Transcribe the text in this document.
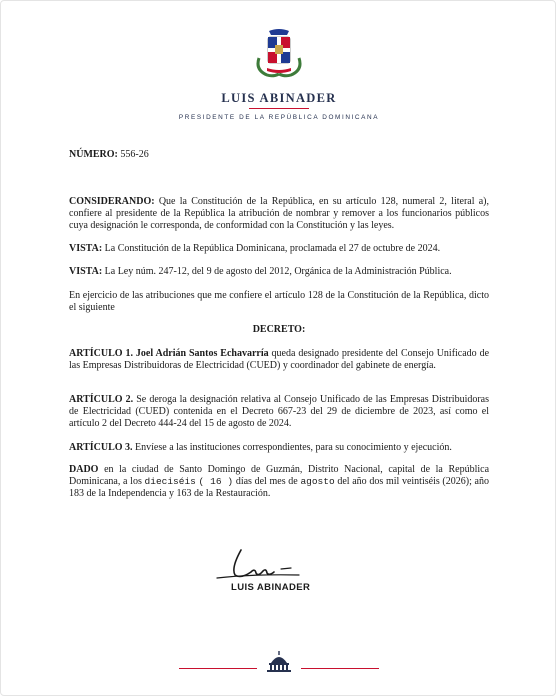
LUIS ABINADER
PRESIDENTE DE LA REPÚBLICA DOMINICANA
NÚMERO: 556-26
CONSIDERANDO: Que la Constitución de la República, en su artículo 128, numeral 2, literal a), confiere al presidente de la República la atribución de nombrar y remover a los funcionarios públicos cuya designación le corresponda, de conformidad con la Constitución y las leyes.
VISTA: La Constitución de la República Dominicana, proclamada el 27 de octubre de 2024.
VISTA: La Ley núm. 247-12, del 9 de agosto del 2012, Orgánica de la Administración Pública.
En ejercicio de las atribuciones que me confiere el artículo 128 de la Constitución de la República, dicto el siguiente
DECRETO:
ARTÍCULO 1. Joel Adrián Santos Echavarría queda designado presidente del Consejo Unificado de las Empresas Distribuidoras de Electricidad (CUED) y coordinador del gabinete de energía.
ARTÍCULO 2. Se deroga la designación relativa al Consejo Unificado de las Empresas Distribuidoras de Electricidad (CUED) contenida en el Decreto 667-23 del 29 de diciembre de 2023, así como el artículo 2 del Decreto 444-24 del 15 de agosto de 2024.
ARTÍCULO 3. Envíese a las instituciones correspondientes, para su conocimiento y ejecución.
DADO en la ciudad de Santo Domingo de Guzmán, Distrito Nacional, capital de la República Dominicana, a los dieciséis ( 16 ) días del mes de agosto del año dos mil veintiséis (2026); año 183 de la Independencia y 163 de la Restauración.
LUIS ABINADER
